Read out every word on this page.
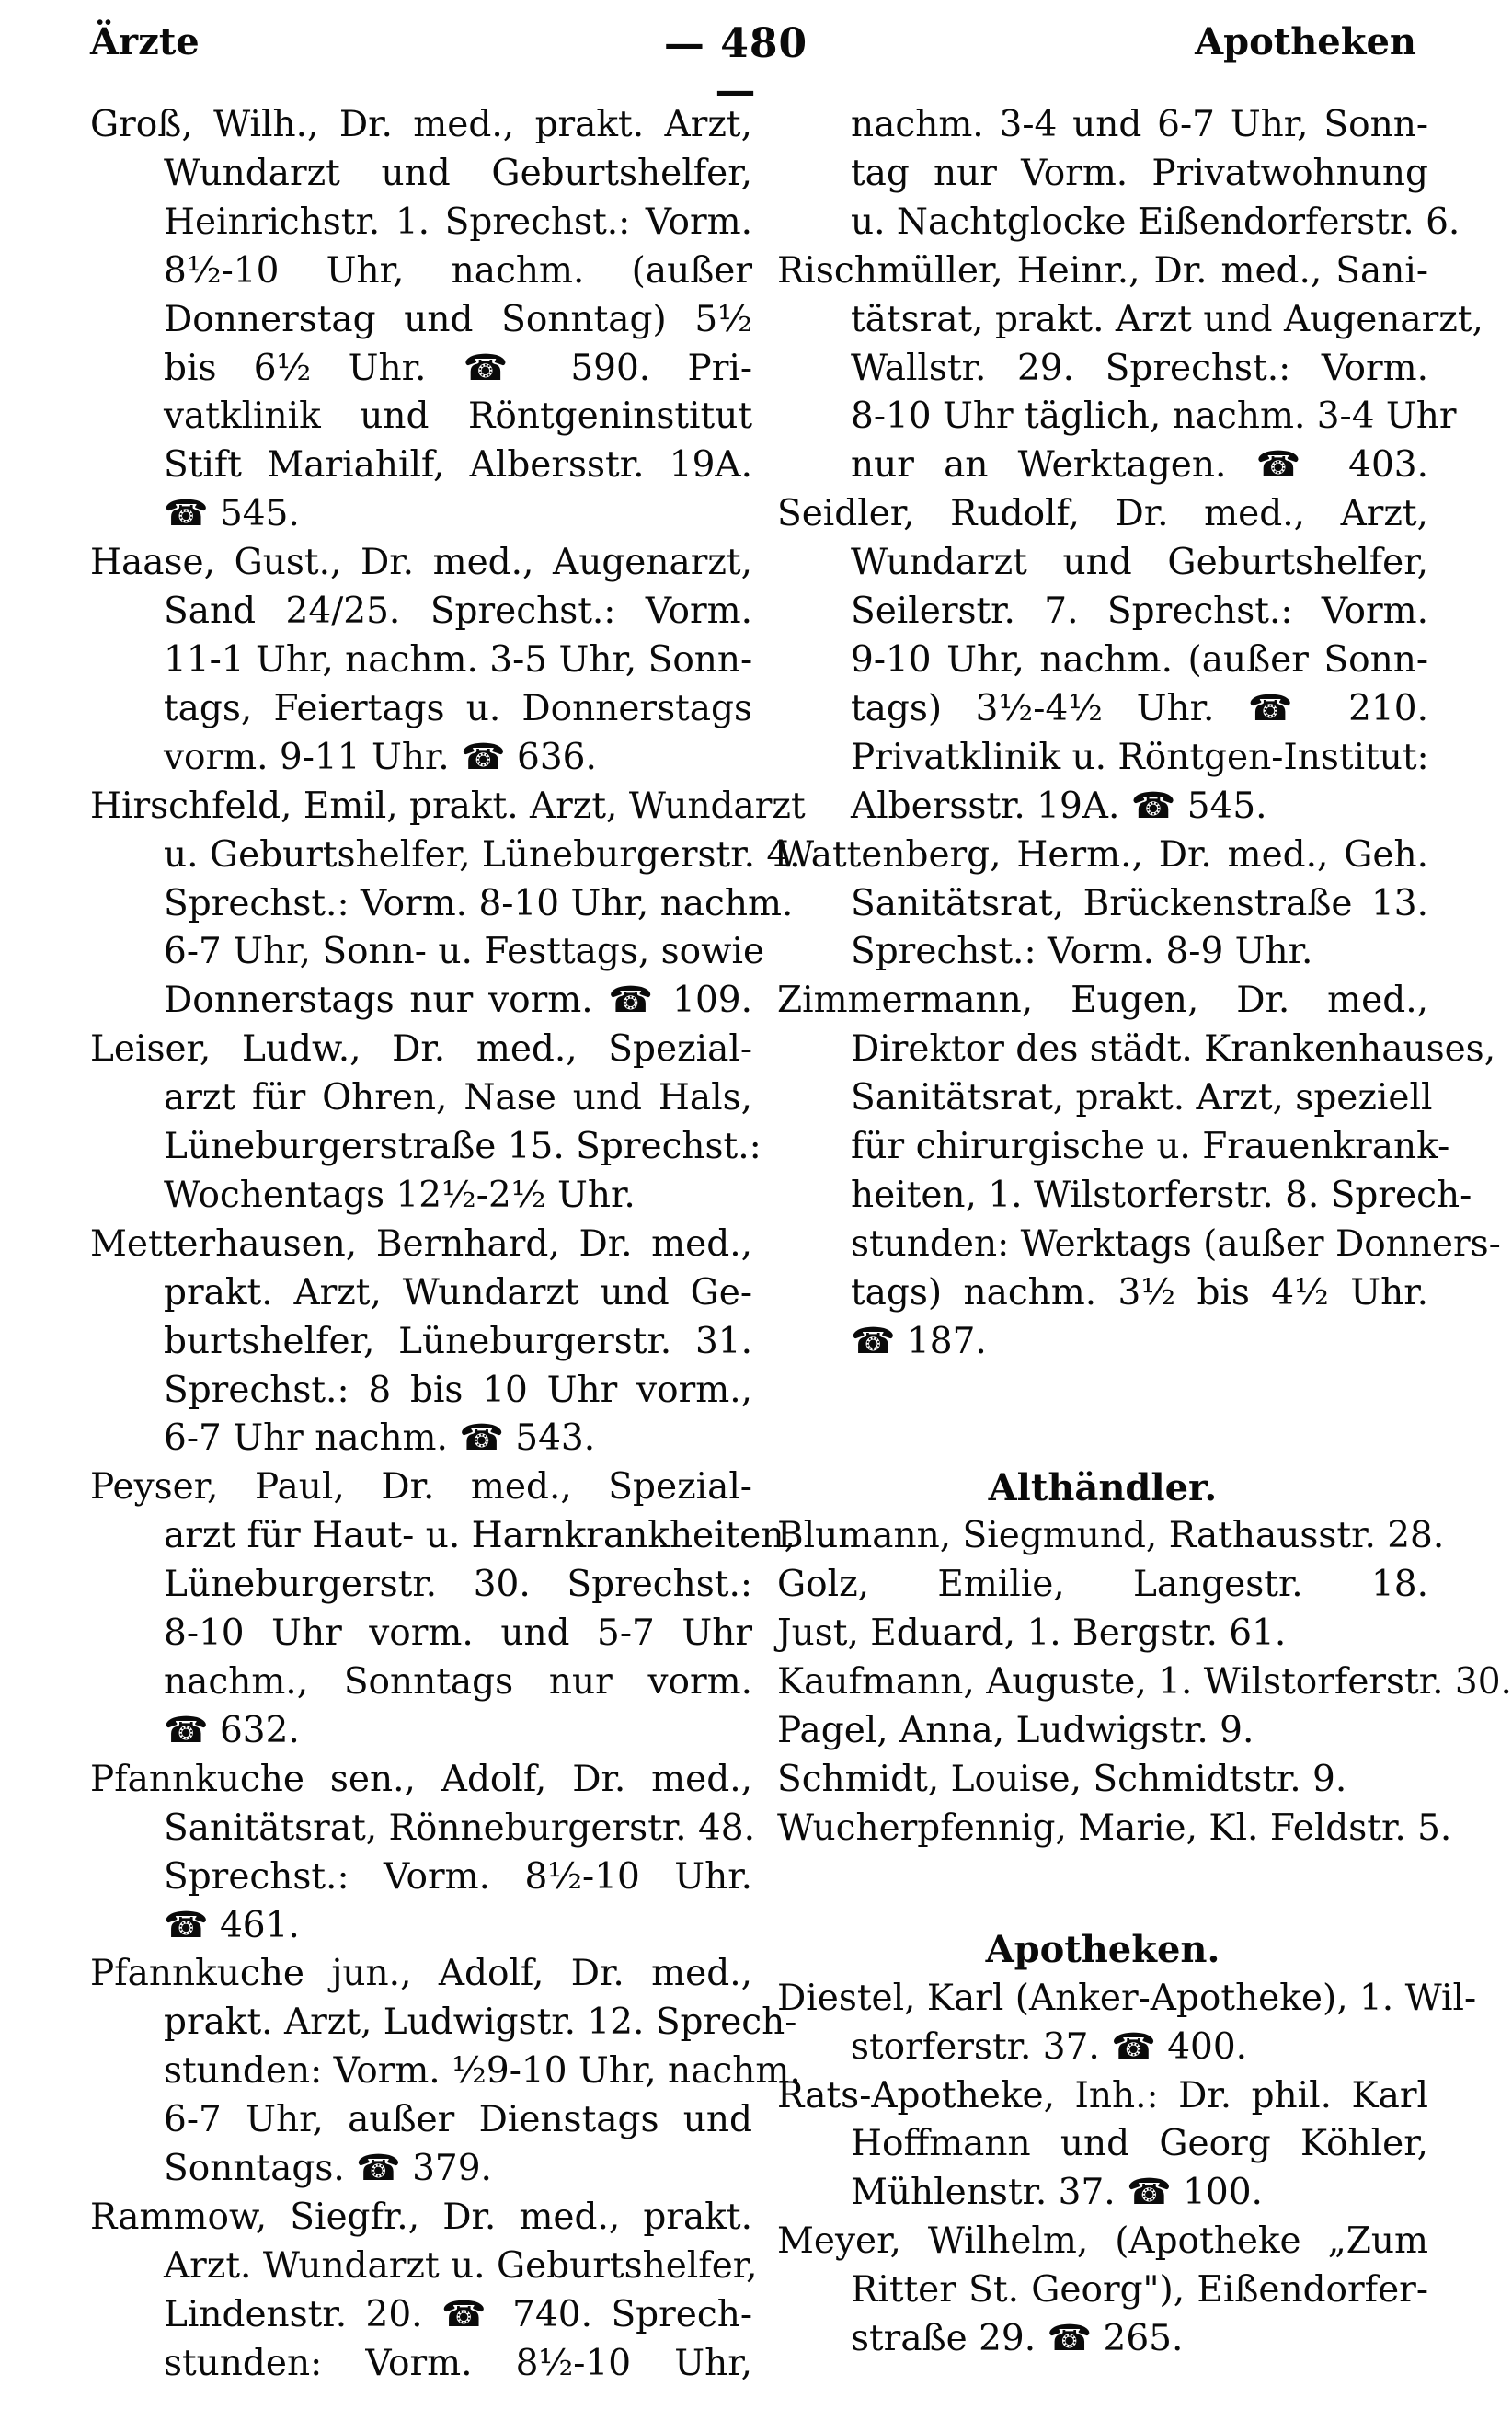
Ärzte	— 480 —
Apotheken
Groß, Wilh., Dr. med., prakt. Arzt,
Wundarzt und Geburtshelfer,
Heinrichstr. 1. Sprechst.: Vorm.
8½-10 Uhr, nachm. (außer
Donnerstag und Sonntag) 5½
bis 6½ Uhr. ☎ 590. Pri-
vatklinik und Röntgeninstitut
Stift Mariahilf, Albersstr. 19A.
☎ 545.
Haase, Gust., Dr. med., Augenarzt,
Sand 24/25. Sprechst.: Vorm.
11-1 Uhr, nachm. 3-5 Uhr, Sonn-
tags, Feiertags u. Donnerstags
vorm. 9-11 Uhr. ☎ 636.
Hirschfeld, Emil, prakt. Arzt, Wundarzt
u. Geburtshelfer, Lüneburgerstr. 4.
Sprechst.: Vorm. 8-10 Uhr, nachm.
6-7 Uhr, Sonn- u. Festtags, sowie
Donnerstags nur vorm. ☎ 109.
Leiser, Ludw., Dr. med., Spezial-
arzt für Ohren, Nase und Hals,
Lüneburgerstraße 15. Sprechst.:
Wochentags 12½-2½ Uhr.
Metterhausen, Bernhard, Dr. med.,
prakt. Arzt, Wundarzt und Ge-
burtshelfer, Lüneburgerstr. 31.
Sprechst.: 8 bis 10 Uhr vorm.,
6-7 Uhr nachm. ☎ 543.
Peyser, Paul, Dr. med., Spezial-
arzt für Haut- u. Harnkrankheiten,
Lüneburgerstr. 30. Sprechst.:
8-10 Uhr vorm. und 5-7 Uhr
nachm., Sonntags nur vorm.
☎ 632.
Pfannkuche sen., Adolf, Dr. med.,
Sanitätsrat, Rönneburgerstr. 48.
Sprechst.: Vorm. 8½-10 Uhr.
☎ 461.
Pfannkuche jun., Adolf, Dr. med.,
prakt. Arzt, Ludwigstr. 12. Sprech-
stunden: Vorm. ½9-10 Uhr, nachm.
6-7 Uhr, außer Dienstags und
Sonntags. ☎ 379.
Rammow, Siegfr., Dr. med., prakt.
Arzt. Wundarzt u. Geburtshelfer,
Lindenstr. 20. ☎ 740. Sprech-
stunden: Vorm. 8½-10 Uhr,
nachm. 3-4 und 6-7 Uhr, Sonn-
tag nur Vorm. Privatwohnung
u. Nachtglocke Eißendorferstr. 6.
Rischmüller, Heinr., Dr. med., Sani-
tätsrat, prakt. Arzt und Augenarzt,
Wallstr. 29. Sprechst.: Vorm.
8-10 Uhr täglich, nachm. 3-4 Uhr
nur an Werktagen. ☎ 403.
Seidler, Rudolf, Dr. med., Arzt,
Wundarzt und Geburtshelfer,
Seilerstr. 7. Sprechst.: Vorm.
9-10 Uhr, nachm. (außer Sonn-
tags) 3½-4½ Uhr. ☎ 210.
Privatklinik u. Röntgen-Institut:
Albersstr. 19A. ☎ 545.
Wattenberg, Herm., Dr. med., Geh.
Sanitätsrat, Brückenstraße 13.
Sprechst.: Vorm. 8-9 Uhr.
Zimmermann, Eugen, Dr. med.,
Direktor des städt. Krankenhauses,
Sanitätsrat, prakt. Arzt, speziell
für chirurgische u. Frauenkrank-
heiten, 1. Wilstorferstr. 8. Sprech-
stunden: Werktags (außer Donners-
tags) nachm. 3½ bis 4½ Uhr.
☎ 187.
Althändler.
Blumann, Siegmund, Rathausstr. 28.
Golz, Emilie, Langestr. 18.
Just, Eduard, 1. Bergstr. 61.
Kaufmann, Auguste, 1. Wilstorferstr. 30.
Pagel, Anna, Ludwigstr. 9.
Schmidt, Louise, Schmidtstr. 9.
Wucherpfennig, Marie, Kl. Feldstr. 5.
Apotheken.
Diestel, Karl (Anker-Apotheke), 1. Wil-
storferstr. 37. ☎ 400.
Rats-Apotheke, Inh.: Dr. phil. Karl
Hoffmann und Georg Köhler,
Mühlenstr. 37. ☎ 100.
Meyer, Wilhelm, (Apotheke „Zum
Ritter St. Georg"), Eißendorfer-
straße 29. ☎ 265.
